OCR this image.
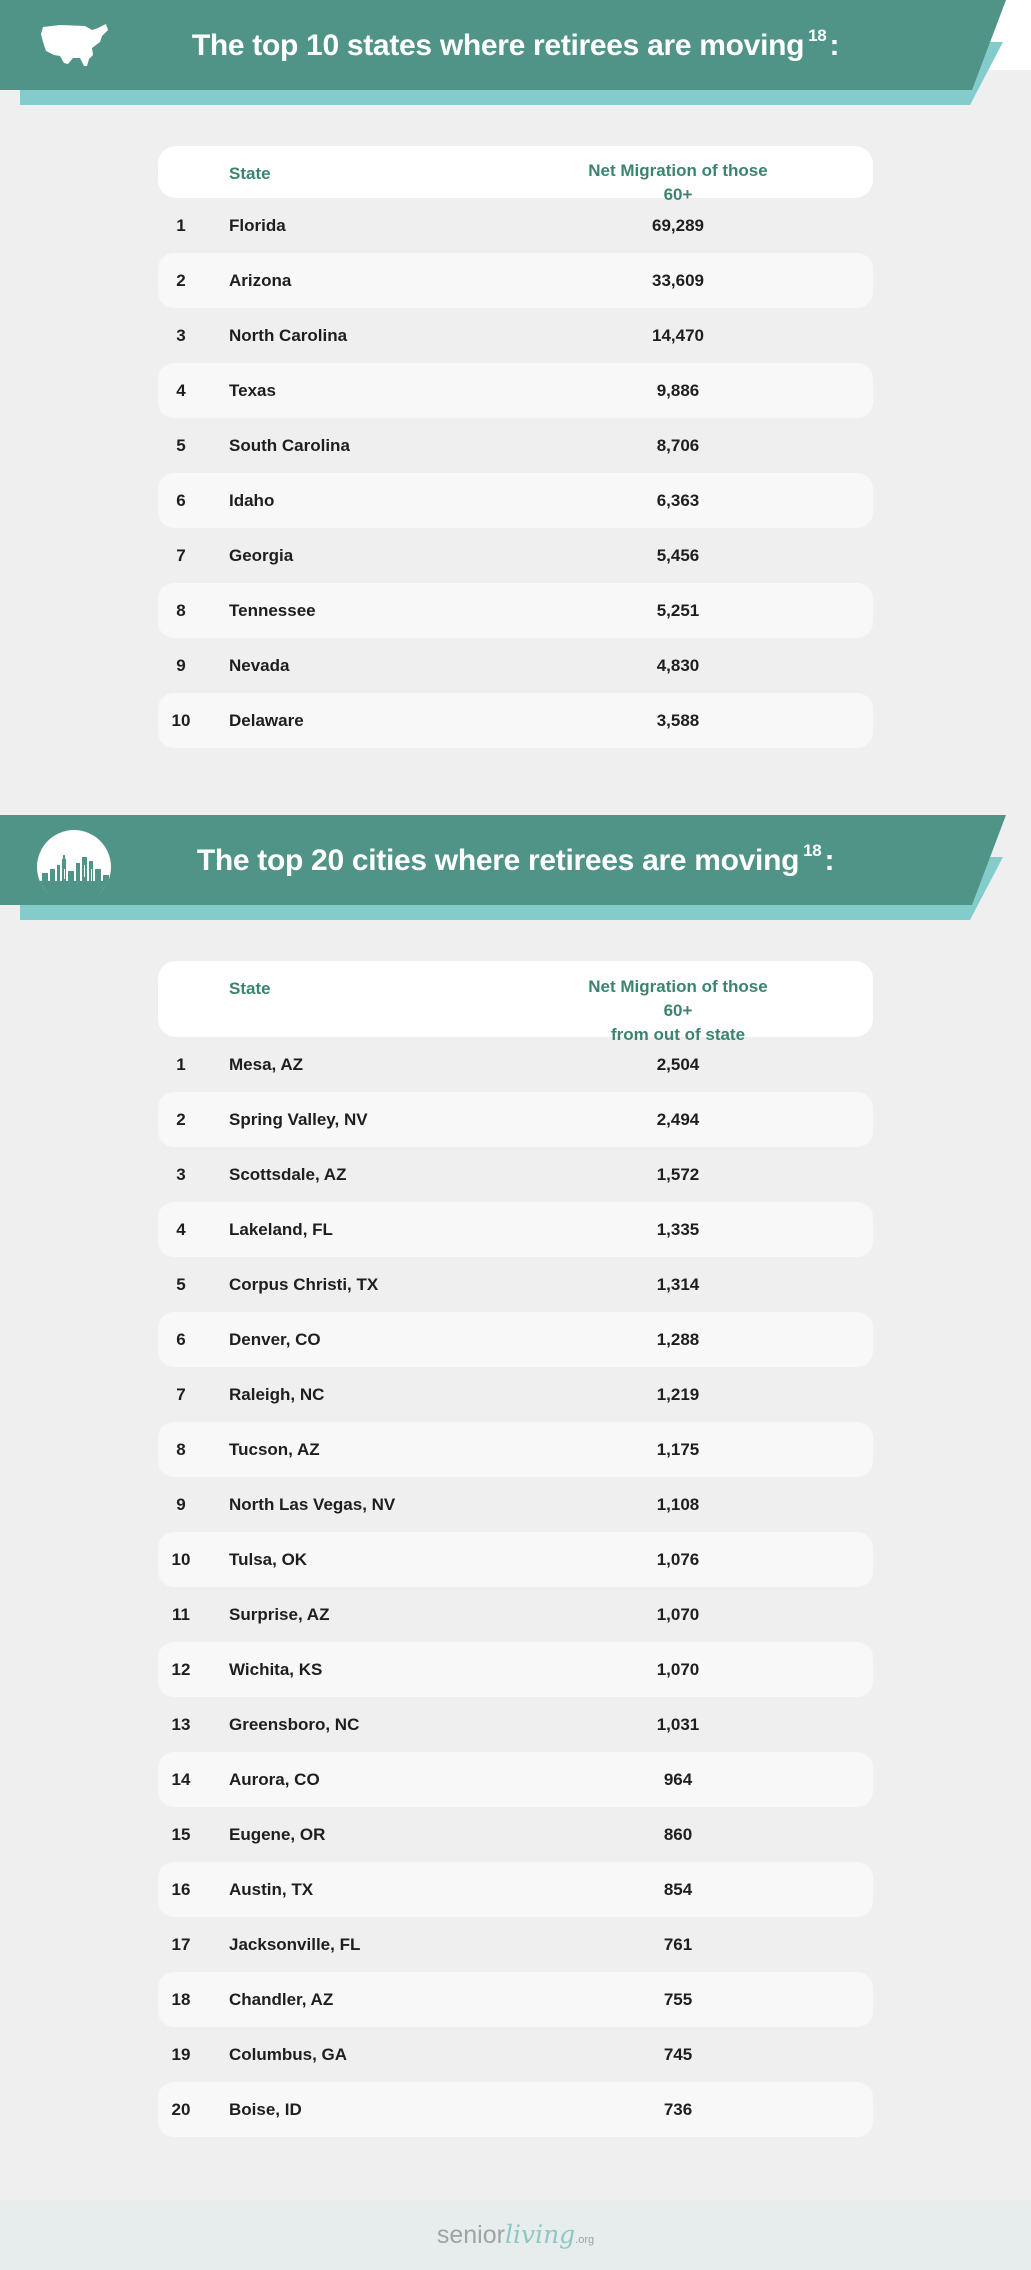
The top 10 states where retirees are moving $^{18}$ :
State	Net Migration of those 60+
1	Florida	69,289
2	Arizona	33,609
3	North Carolina	14,470
4	Texas	9,886
5	South Carolina	8,706
6	Idaho	6,363
7	Georgia	5,456
8	Tennessee	5,251
9	Nevada	4,830
10	Delaware	3,588
The top 20 cities where retirees are moving $^{18}$ :
State	Net Migration of those 60+
from out of state
1	Mesa, AZ	2,504
2	Spring Valley, NV	2,494
3	Scottsdale, AZ	1,572
4	Lakeland, FL	1,335
5	Corpus Christi, TX	1,314
6	Denver, CO	1,288
7	Raleigh, NC	1,219
8	Tucson, AZ	1,175
9	North Las Vegas, NV	1,108
10	Tulsa, OK	1,076
11	Surprise, AZ	1,070
12	Wichita, KS	1,070
13	Greensboro, NC	1,031
14	Aurora, CO	964
15	Eugene, OR	860
16	Austin, TX	854
17	Jacksonville, FL	761
18	Chandler, AZ	755
19	Columbus, GA	745
20	Boise, ID	736
seniorliving.org
